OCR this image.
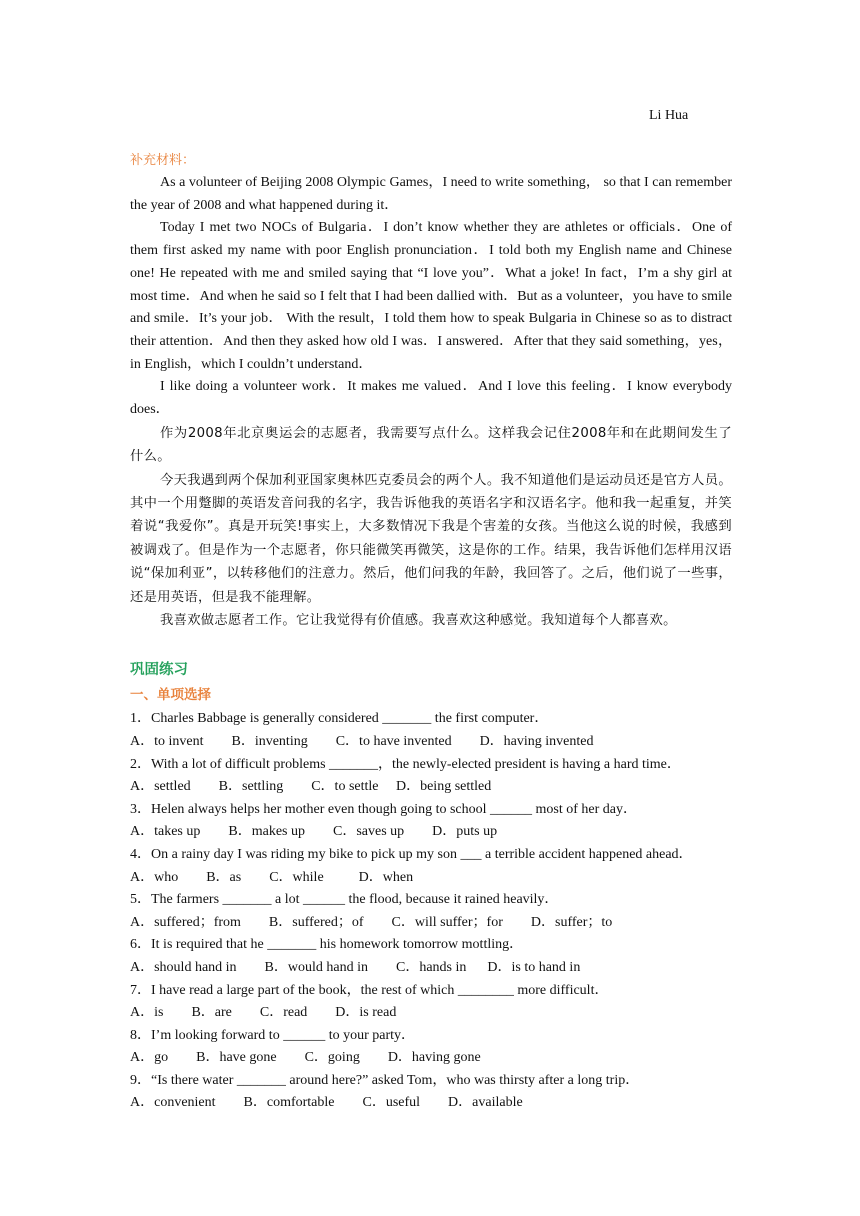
Li Hua

补充材料：

As a volunteer of Beijing 2008 Olympic Games，I need to write something， so that I can remember the year of 2008 and what happened during it．

Today I met two NOCs of Bulgaria．I don’t know whether they are athletes or officials．One of them first asked my name with poor English pronunciation．I told both my English name and Chinese one! He repeated with me and smiled saying that “I love you”．What a joke! In fact，I’m a shy girl at most time．And when he said so I felt that I had been dallied with．But as a volunteer，you have to smile and smile．It’s your job． With the result，I told them how to speak Bulgaria in Chinese so as to distract their attention．And then they asked how old I was．I answered．After that they said something，yes，in English，which I couldn’t understand．

I like doing a volunteer work．It makes me valued．And I love this feeling．I know everybody does．

作为2008年北京奥运会的志愿者，我需要写点什么。这样我会记住2008年和在此期间发生了什么。

今天我遇到两个保加利亚国家奥林匹克委员会的两个人。我不知道他们是运动员还是官方人员。其中一个用蹩脚的英语发音问我的名字，我告诉他我的英语名字和汉语名字。他和我一起重复，并笑着说“我爱你”。真是开玩笑!事实上，大多数情况下我是个害羞的女孩。当他这么说的时候，我感到被调戏了。但是作为一个志愿者，你只能微笑再微笑，这是你的工作。结果，我告诉他们怎样用汉语说“保加利亚”，以转移他们的注意力。然后，他们问我的年龄，我回答了。之后，他们说了一些事，还是用英语，但是我不能理解。

我喜欢做志愿者工作。它让我觉得有价值感。我喜欢这种感觉。我知道每个人都喜欢。

巩固练习

一、单项选择

1．Charles Babbage is generally considered _______ the first computer．

A．to invent        B．inventing        C．to have invented        D．having invented

2．With a lot of difficult problems _______，the newly-elected president is having a hard time．

A．settled        B．settling        C．to settle     D．being settled

3．Helen always helps her mother even though going to school ______ most of her day．

A．takes up        B．makes up        C．saves up        D．puts up

4．On a rainy day I was riding my bike to pick up my son ___ a terrible accident happened ahead．

A．who        B．as        C．while          D．when

5．The farmers _______ a lot ______ the flood, because it rained heavily．

A．suffered；from        B．suffered；of        C．will suffer；for        D．suffer；to

6．It is required that he _______ his homework tomorrow mottling．

A．should hand in        B．would hand in        C．hands in      D．is to hand in

7．I have read a large part of the book，the rest of which ________ more difficult．

A．is        B．are        C．read        D．is read

8．I’m looking forward to ______ to your party．

A．go        B．have gone        C．going        D．having gone

9．“Is there water _______ around here?” asked Tom，who was thirsty after a long trip．

A．convenient        B．comfortable        C．useful        D．available
